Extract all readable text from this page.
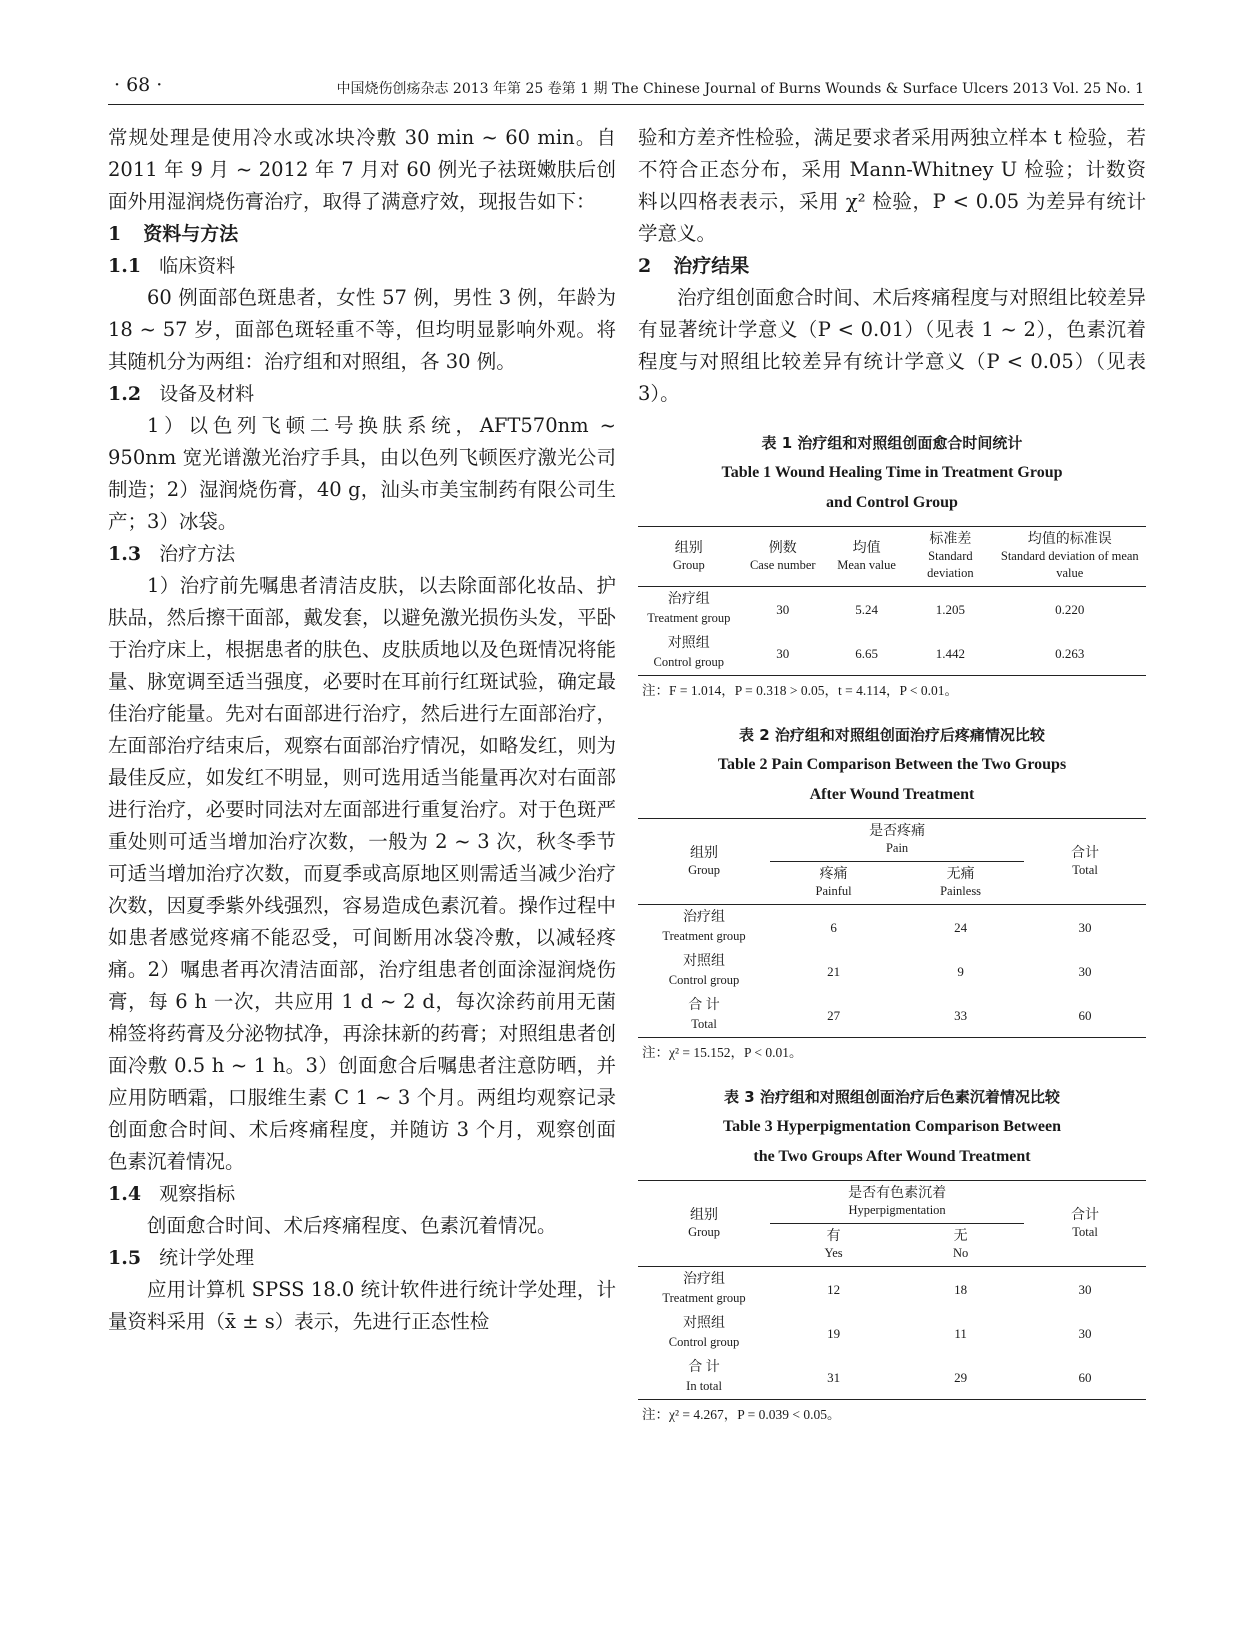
· 68 ·	中国烧伤创疡杂志 2013 年第 25 卷第 1 期 The Chinese Journal of Burns Wounds & Surface Ulcers 2013 Vol. 25 No. 1

常规处理是使用冷水或冰块冷敷 30 min ~ 60 min。自 2011 年 9 月 ~ 2012 年 7 月对 60 例光子祛斑嫩肤后创面外用湿润烧伤膏治疗，取得了满意疗效，现报告如下：

1 资料与方法
1.1 临床资料

60 例面部色斑患者，女性 57 例，男性 3 例，年龄为 18 ~ 57 岁，面部色斑轻重不等，但均明显影响外观。将其随机分为两组：治疗组和对照组，各 30 例。

1.2 设备及材料

1）以色列飞顿二号换肤系统，AFT570nm ~ 950nm 宽光谱激光治疗手具，由以色列飞顿医疗激光公司制造；2）湿润烧伤膏，40 g，汕头市美宝制药有限公司生产；3）冰袋。

1.3 治疗方法

1）治疗前先嘱患者清洁皮肤，以去除面部化妆品、护肤品，然后擦干面部，戴发套，以避免激光损伤头发，平卧于治疗床上，根据患者的肤色、皮肤质地以及色斑情况将能量、脉宽调至适当强度，必要时在耳前行红斑试验，确定最佳治疗能量。先对右面部进行治疗，然后进行左面部治疗，左面部治疗结束后，观察右面部治疗情况，如略发红，则为最佳反应，如发红不明显，则可选用适当能量再次对右面部进行治疗，必要时同法对左面部进行重复治疗。对于色斑严重处则可适当增加治疗次数，一般为 2 ~ 3 次，秋冬季节可适当增加治疗次数，而夏季或高原地区则需适当减少治疗次数，因夏季紫外线强烈，容易造成色素沉着。操作过程中如患者感觉疼痛不能忍受，可间断用冰袋冷敷，以减轻疼痛。2）嘱患者再次清洁面部，治疗组患者创面涂湿润烧伤膏，每 6 h 一次，共应用 1 d ~ 2 d，每次涂药前用无菌棉签将药膏及分泌物拭净，再涂抹新的药膏；对照组患者创面冷敷 0.5 h ~ 1 h。3）创面愈合后嘱患者注意防晒，并应用防晒霜，口服维生素 C 1 ~ 3 个月。两组均观察记录创面愈合时间、术后疼痛程度，并随访 3 个月，观察创面色素沉着情况。

1.4 观察指标

创面愈合时间、术后疼痛程度、色素沉着情况。

1.5 统计学处理

应用计算机 SPSS 18.0 统计软件进行统计学处理，计量资料采用（x̄ ± s）表示，先进行正态性检

验和方差齐性检验，满足要求者采用两独立样本 t 检验，若不符合正态分布，采用 Mann-Whitney U 检验；计数资料以四格表表示，采用 χ² 检验，P < 0.05 为差异有统计学意义。

2 治疗结果

治疗组创面愈合时间、术后疼痛程度与对照组比较差异有显著统计学意义（P < 0.01）（见表 1 ~ 2），色素沉着程度与对照组比较差异有统计学意义（P < 0.05）（见表 3）。

表 1 治疗组和对照组创面愈合时间统计
Table 1 Wound Healing Time in Treatment Group
and Control Group
组别
Group	例数
Case number	均值
Mean value	标准差
Standard deviation	均值的标准误
Standard deviation of mean value

治疗组
Treatment group	30	5.24	1.205	0.220

对照组
Control group	30	6.65	1.442	0.263
注：F = 1.014，P = 0.318 > 0.05，t = 4.114，P < 0.01。
表 2 治疗组和对照组创面治疗后疼痛情况比较
Table 2 Pain Comparison Between the Two Groups
After Wound Treatment
组别
Group	是否疼痛
Pain		合计
Total

	疼痛
Painful	无痛
Painless	

治疗组
Treatment group	6	24	30

对照组
Control group	21	9	30

合 计
Total	27	33	60
注：χ² = 15.152，P < 0.01。
表 3 治疗组和对照组创面治疗后色素沉着情况比较
Table 3 Hyperpigmentation Comparison Between
the Two Groups After Wound Treatment
组别
Group	是否有色素沉着
Hyperpigmentation		合计
Total

	有
Yes	无
No	

治疗组
Treatment group	12	18	30

对照组
Control group	19	11	30

合 计
In total	31	29	60
注：χ² = 4.267，P = 0.039 < 0.05。
